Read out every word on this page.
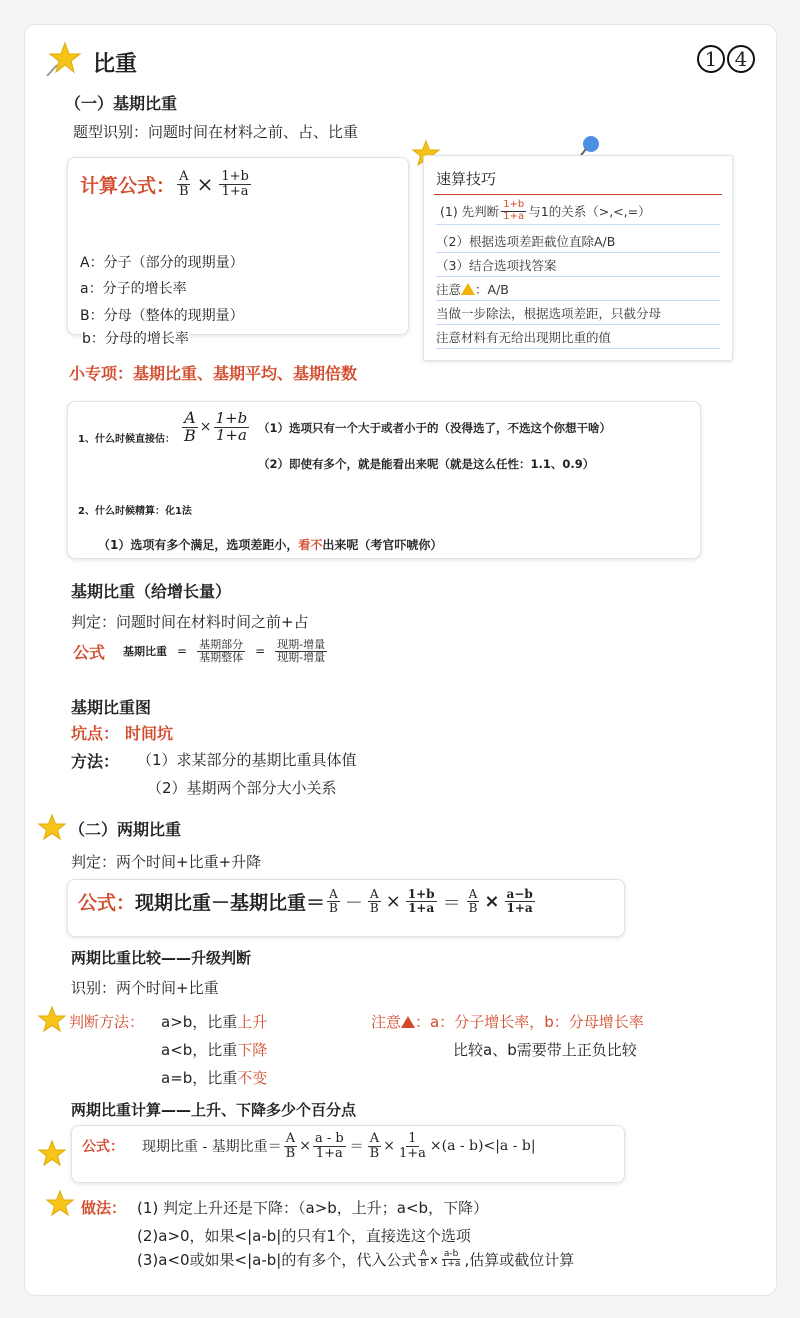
比重	1 4
（一）基期比重
题型识别：问题时间在材料之前、占、比重
计算公式： $\frac{A}{B} \times \frac{1+b}{1+a}$
A：分子（部分的现期量）
a：分子的增长率
B：分母（整体的现期量）
b：分母的增长率
速算技巧
(1) 先判断 $\frac{1+b}{1+a}$ 与1的关系（>,<,=）
（2）根据选项差距截位直除A/B
（3）结合选项找答案
注意 ：A/B
当做一步除法，根据选项差距，只截分母
注意材料有无给出现期比重的值
小专项：基期比重、基期平均、基期倍数
1、什么时候直接估： $\frac{A}{B} \times \frac{1+b}{1+a} (1)$选项只有一个大于或者小于的（没得选了，不选这个你想干啥）
（2）即使有多个，就是能看出来呢（就是这么任性：1.1、0.9）
2、什么时候精算：化1法
（1）选项有多个满足，选项差距小，看不出来呢（考官吓唬你）
基期比重（给增长量）
判定：问题时间在材料时间之前+占
公式 基期比重 = $\frac{\text{基期部分}}{\text{基期整体}} = \frac{\text{现期-增量}}{\text{现期-增量}}$
基期比重图
坑点： 时间坑
方法： （1）求某部分的基期比重具体值
（2）基期两个部分大小关系
（二）两期比重
判定：两个时间+比重+升降
公式： 现期比重－基期比重＝ $\frac{A}{B} - \frac{A}{B} \times \frac{1+b}{1+a} = \frac{A}{B} \times \frac{a-b}{1+a}$
两期比重比较——升级判断
识别：两个时间+比重
判断方法： a>b，比重上升
a<b，比重下降
a=b，比重不变
注意 ：a：分子增长率，b：分母增长率
比较a、b需要带上正负比较
两期比重计算——上升、下降多少个百分点
公式： 现期比重 - 基期比重＝ $\frac{A}{B} \times \frac{a - b}{1+a} = \frac{A}{B} \times \frac{1}{1+a} \times(a - b)<|a - b|$
做法： (1) 判定上升还是下降：（a>b，上升；a<b，下降）
(2)a>0，如果<|a-b|的只有1个，直接选这个选项
(3)a<0或如果<|a-b|的有多个，代入公式 $\frac{A}{B}$ x $\frac{a-b}{1+a}$ ,估算或截位计算
